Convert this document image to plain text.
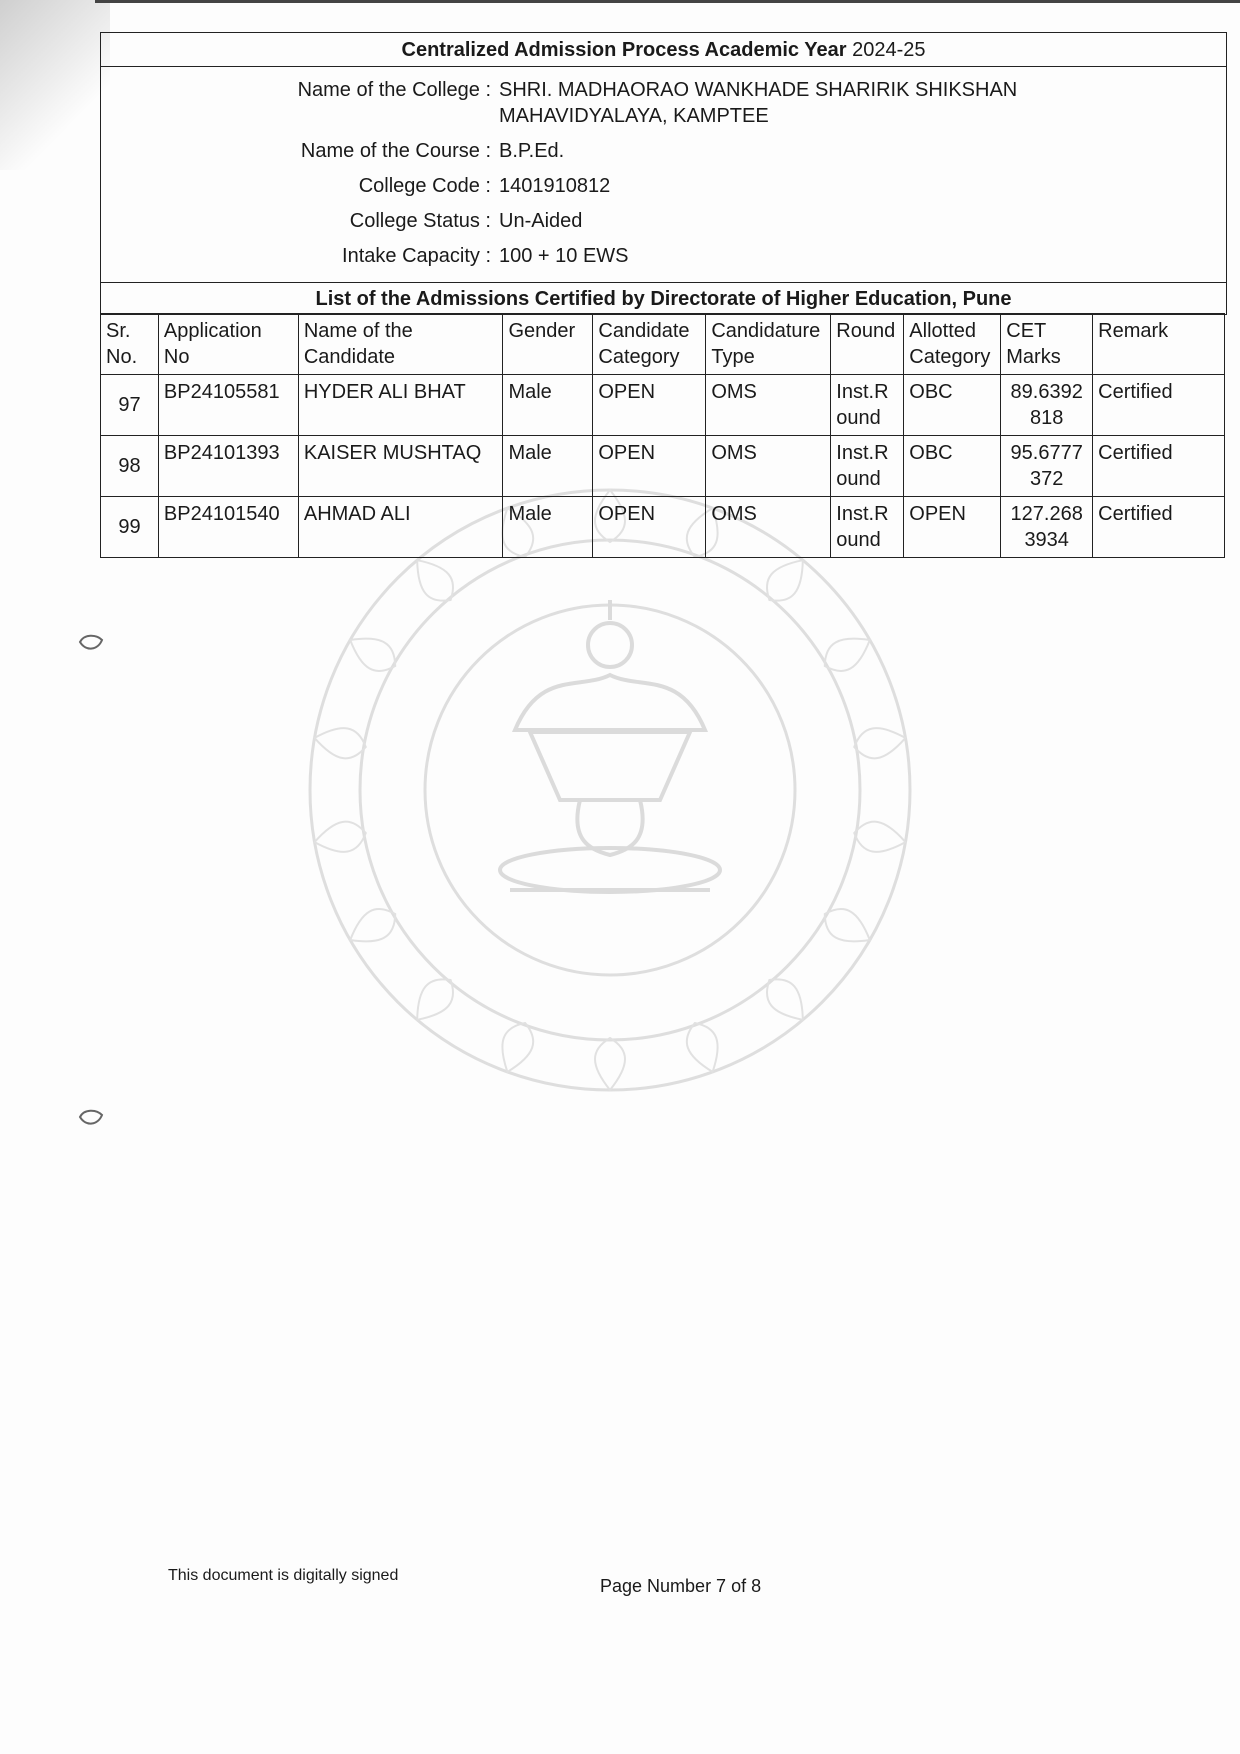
Centralized Admission Process Academic Year 2024-25
Name of the College : SHRI. MADHAORAO WANKHADE SHARIRIK SHIKSHAN
MAHAVIDYALAYA, KAMPTEE
Name of the Course : B.P.Ed.
College Code : 1401910812
College Status : Un-Aided
Intake Capacity : 100 + 10 EWS
List of the Admissions Certified by Directorate of Higher Education, Pune
Sr. No.	Application No	Name of the Candidate	Gender	Candidate Category	Candidature Type	Round	Allotted Category	CET Marks	Remark
97	BP24105581	HYDER ALI BHAT	Male	OPEN	OMS	Inst.Round	OBC	89.6392818	Certified
98	BP24101393	KAISER MUSHTAQ	Male	OPEN	OMS	Inst.Round	OBC	95.6777372	Certified
99	BP24101540	AHMAD ALI	Male	OPEN	OMS	Inst.Round	OPEN	127.2683934	Certified
This document is digitally signed
Page Number 7 of 8
